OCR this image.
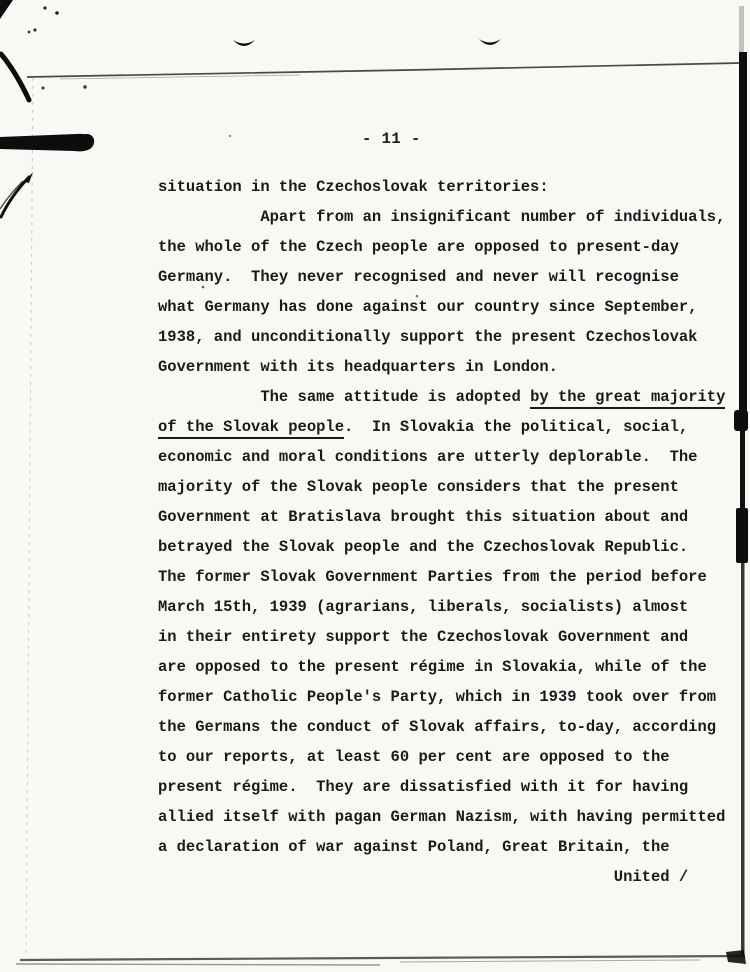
- 11 -
situation in the Czechoslovak territories:
Apart from an insignificant number of individuals,
the whole of the Czech people are opposed to present-day
Germany.  They never recognised and never will recognise
what Germany has done against our country since September,
1938, and unconditionally support the present Czechoslovak
Government with its headquarters in London.
The same attitude is adopted by the great majority
of the Slovak people.  In Slovakia the political, social,
economic and moral conditions are utterly deplorable.  The
majority of the Slovak people considers that the present
Government at Bratislava brought this situation about and
betrayed the Slovak people and the Czechoslovak Republic.
The former Slovak Government Parties from the period before
March 15th, 1939 (agrarians, liberals, socialists) almost
in their entirety support the Czechoslovak Government and
are opposed to the present régime in Slovakia, while of the
former Catholic People's Party, which in 1939 took over from
the Germans the conduct of Slovak affairs, to-day, according
to our reports, at least 60 per cent are opposed to the
present régime.  They are dissatisfied with it for having
allied itself with pagan German Nazism, with having permitted
a declaration of war against Poland, Great Britain, the
United /
